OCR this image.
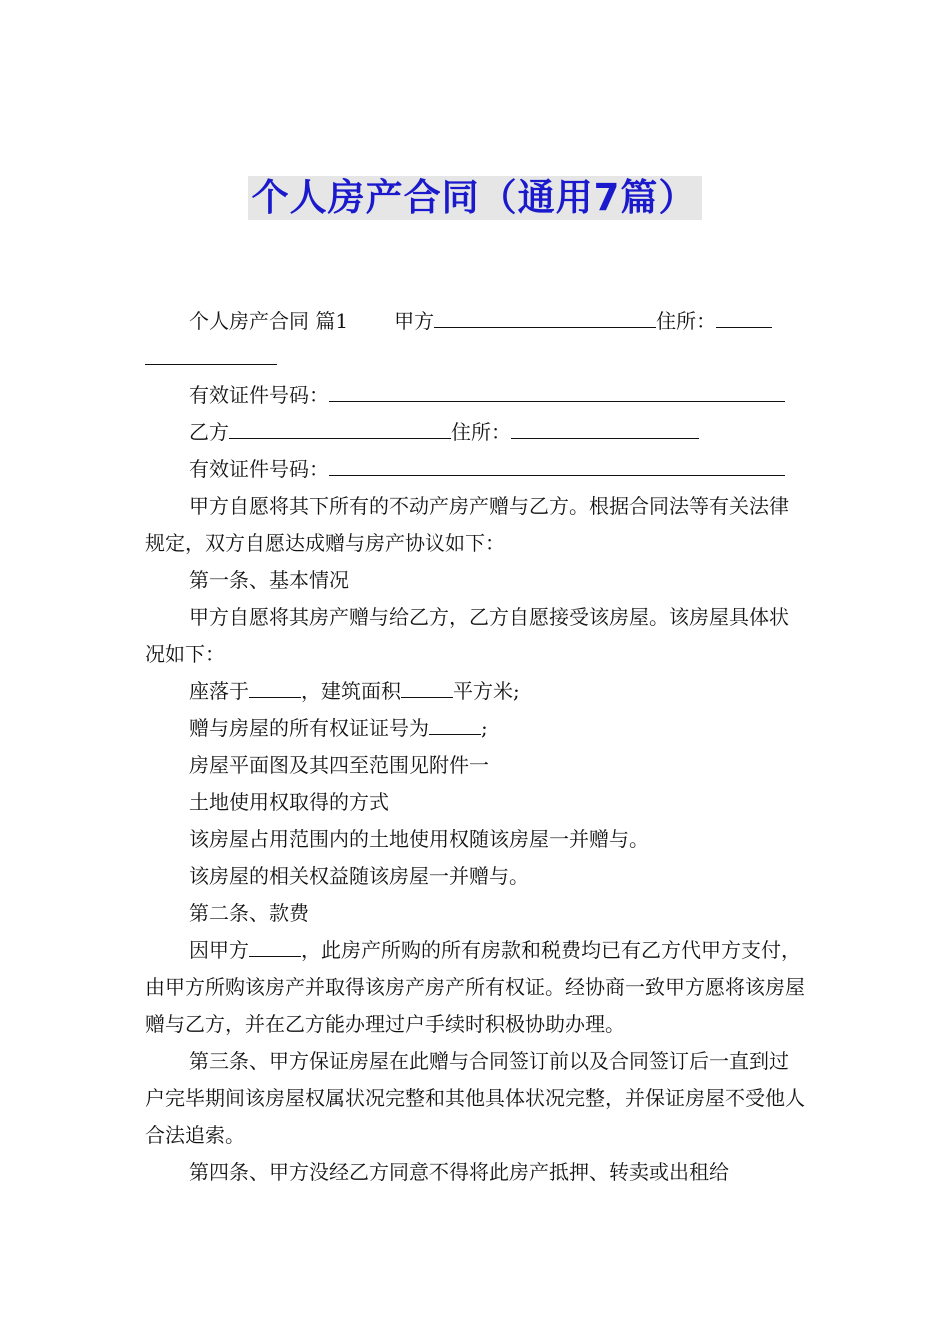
个人房产合同（通用7篇）

个人房产合同 篇1 甲方	住所：

有效证件号码：

乙方	住所：

有效证件号码：

甲方自愿将其下所有的不动产房产赠与乙方。根据合同法等有关法律规定，双方自愿达成赠与房产协议如下：

第一条、基本情况

甲方自愿将其房产赠与给乙方，乙方自愿接受该房屋。该房屋具体状况如下：

座落于	，建筑面积	平方米;

赠与房屋的所有权证证号为	;

房屋平面图及其四至范围见附件一

土地使用权取得的方式

该房屋占用范围内的土地使用权随该房屋一并赠与。

该房屋的相关权益随该房屋一并赠与。

第二条、款费

因甲方	，此房产所购的所有房款和税费均已有乙方代甲方支付，由甲方所购该房产并取得该房产房产所有权证。经协商一致甲方愿将该房屋赠与乙方，并在乙方能办理过户手续时积极协助办理。

第三条、甲方保证房屋在此赠与合同签订前以及合同签订后一直到过户完毕期间该房屋权属状况完整和其他具体状况完整，并保证房屋不受他人合法追索。

第四条、甲方没经乙方同意不得将此房产抵押、转卖或出租给
